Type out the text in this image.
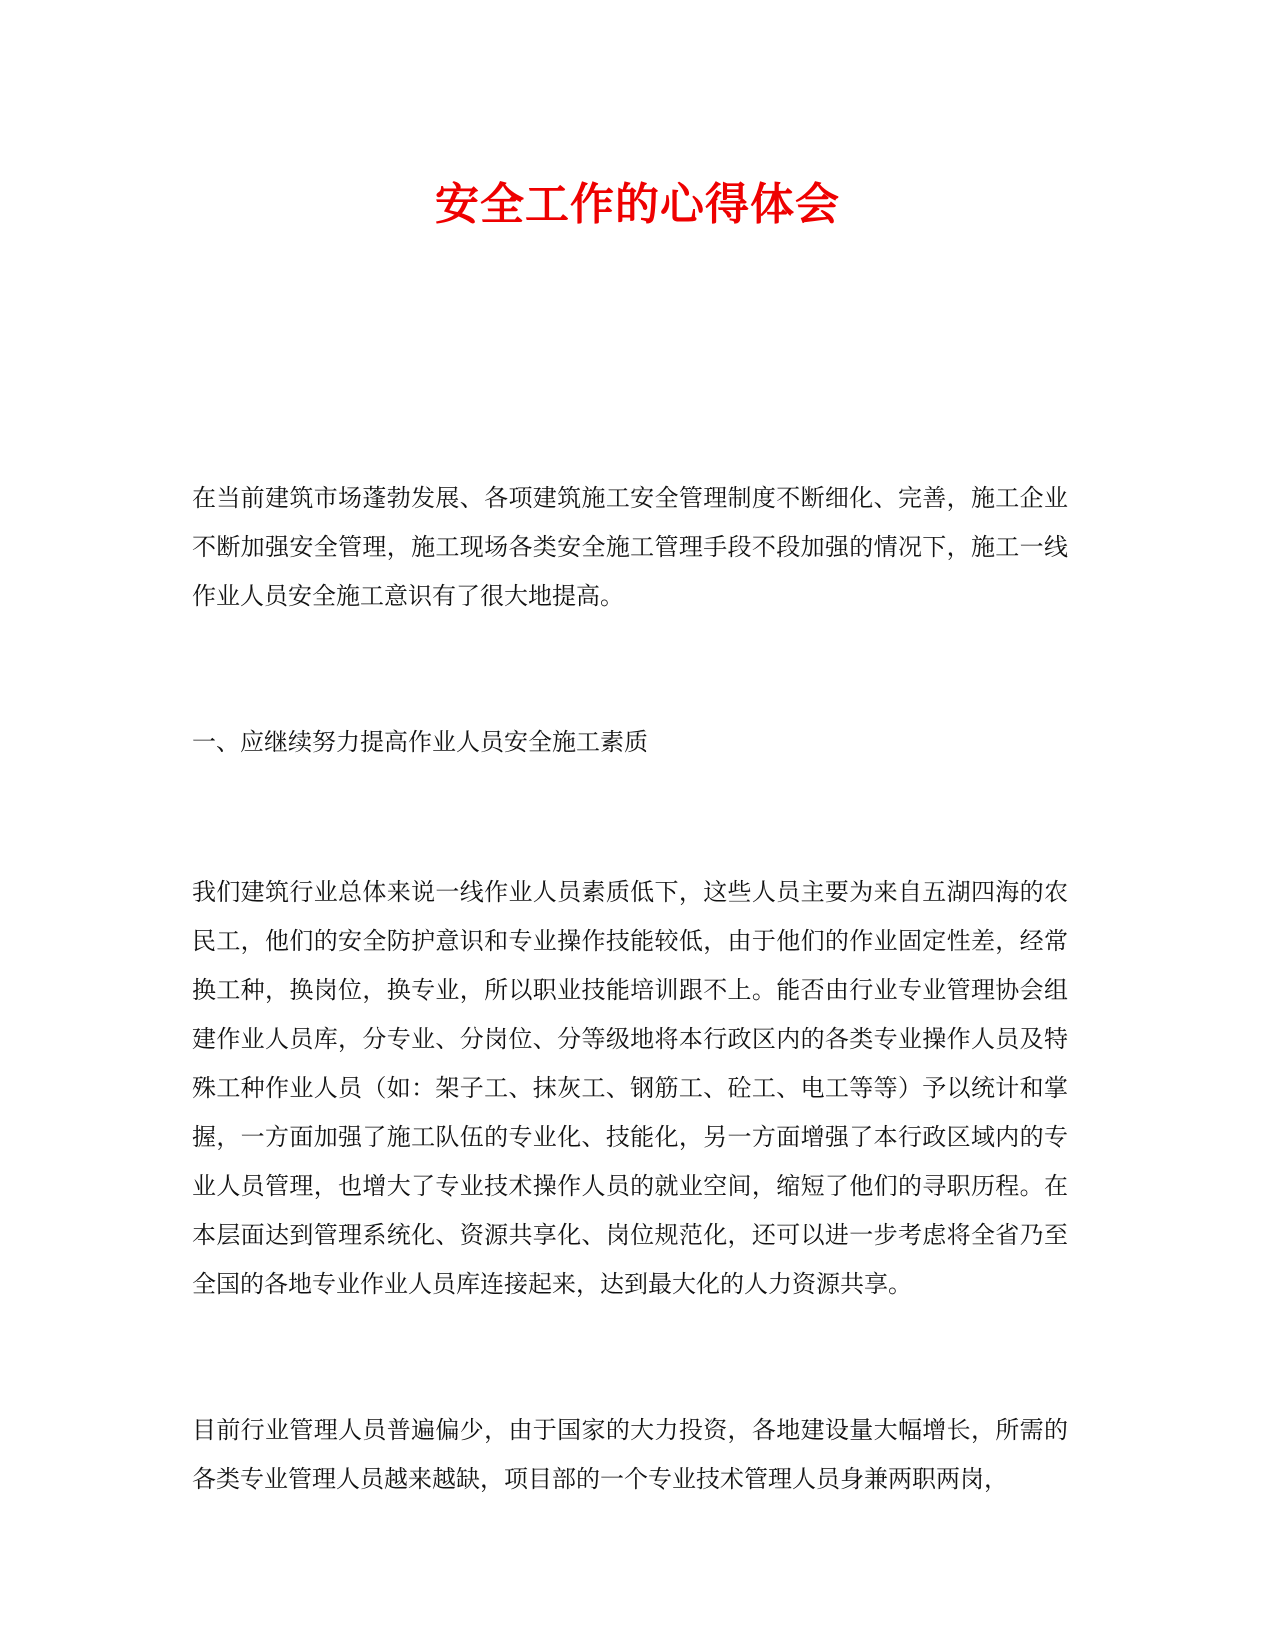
安全工作的心得体会

在当前建筑市场蓬勃发展、各项建筑施工安全管理制度不断细化、完善，施工企业不断加强安全管理，施工现场各类安全施工管理手段不段加强的情况下，施工一线作业人员安全施工意识有了很大地提高。

一、应继续努力提高作业人员安全施工素质

我们建筑行业总体来说一线作业人员素质低下，这些人员主要为来自五湖四海的农民工，他们的安全防护意识和专业操作技能较低，由于他们的作业固定性差，经常换工种，换岗位，换专业，所以职业技能培训跟不上。能否由行业专业管理协会组建作业人员库，分专业、分岗位、分等级地将本行政区内的各类专业操作人员及特殊工种作业人员（如：架子工、抹灰工、钢筋工、砼工、电工等等）予以统计和掌握，一方面加强了施工队伍的专业化、技能化，另一方面增强了本行政区域内的专业人员管理，也增大了专业技术操作人员的就业空间，缩短了他们的寻职历程。在本层面达到管理系统化、资源共享化、岗位规范化，还可以进一步考虑将全省乃至全国的各地专业作业人员库连接起来，达到最大化的人力资源共享。

目前行业管理人员普遍偏少，由于国家的大力投资，各地建设量大幅增长，所需的各类专业管理人员越来越缺，项目部的一个专业技术管理人员身兼两职两岗，
